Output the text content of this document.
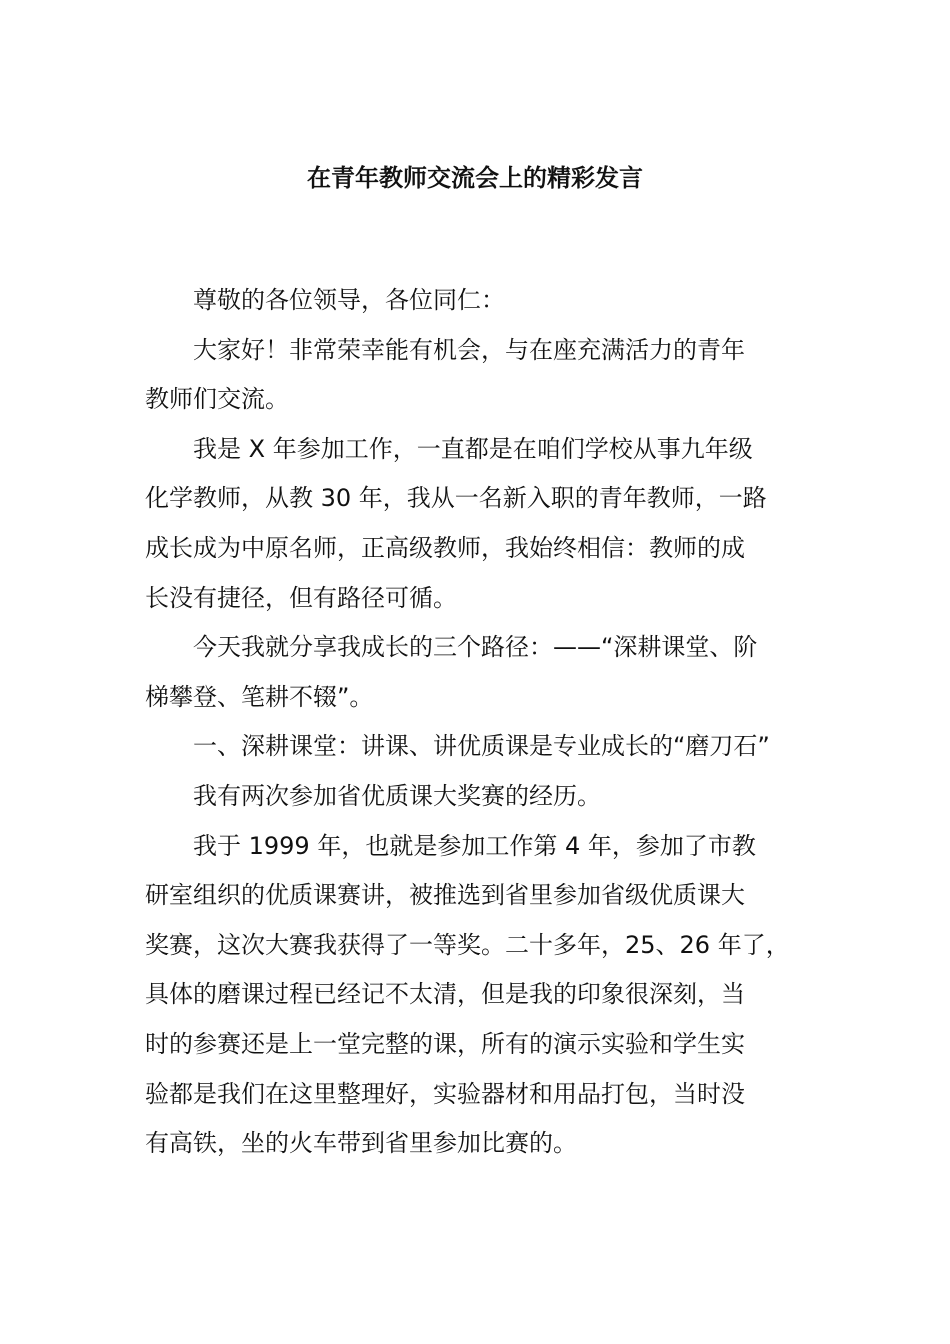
在青年教师交流会上的精彩发言

尊敬的各位领导，各位同仁：

大家好！非常荣幸能有机会，与在座充满活力的青年
教师们交流。

我是 X 年参加工作，一直都是在咱们学校从事九年级
化学教师，从教 30 年，我从一名新入职的青年教师，一路
成长成为中原名师，正高级教师，我始终相信：教师的成
长没有捷径，但有路径可循。

今天我就分享我成长的三个路径：——“深耕课堂、阶
梯攀登、笔耕不辍”。

一、深耕课堂：讲课、讲优质课是专业成长的“磨刀石”

我有两次参加省优质课大奖赛的经历。

我于 1999 年，也就是参加工作第 4 年，参加了市教
研室组织的优质课赛讲，被推选到省里参加省级优质课大
奖赛，这次大赛我获得了一等奖。二十多年，25、26 年了，
具体的磨课过程已经记不太清，但是我的印象很深刻，当
时的参赛还是上一堂完整的课，所有的演示实验和学生实
验都是我们在这里整理好，实验器材和用品打包，当时没
有高铁，坐的火车带到省里参加比赛的。
